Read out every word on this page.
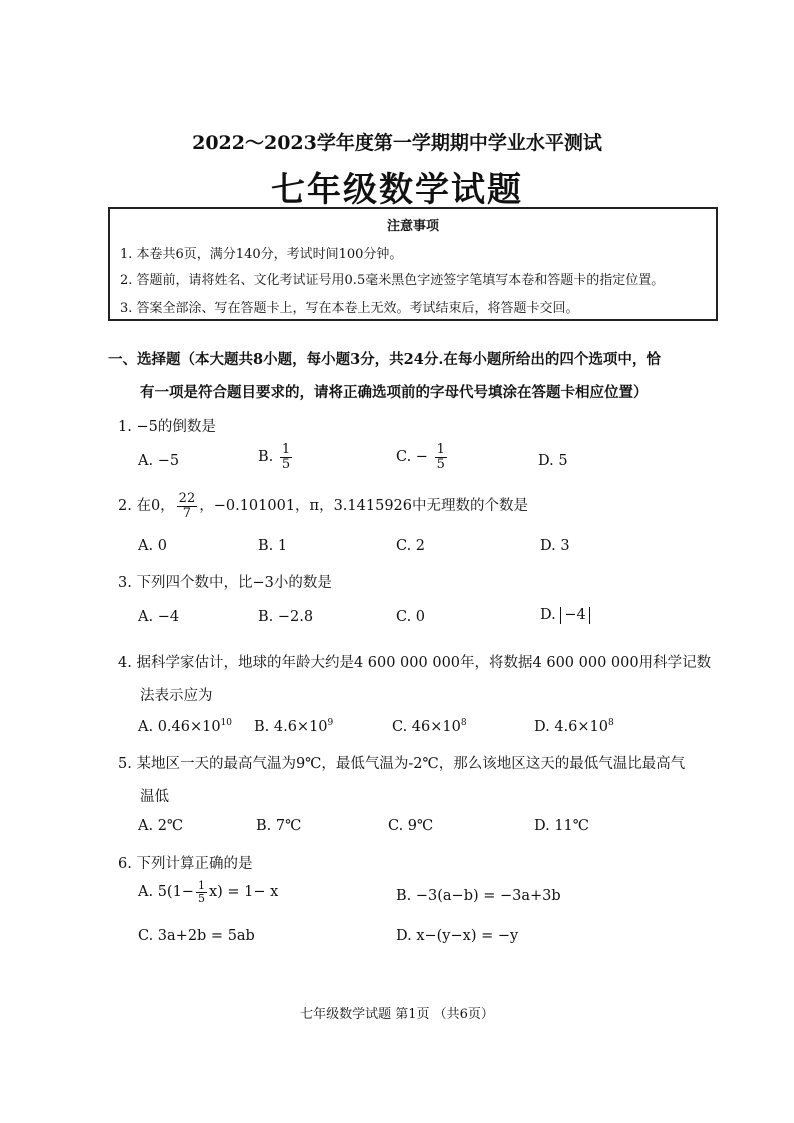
2022～2023学年度第一学期期中学业水平测试
七年级数学试题
注意事项
1. 本卷共6页，满分140分，考试时间100分钟。
2. 答题前，请将姓名、文化考试证号用0.5毫米黑色字迹签字笔填写本卷和答题卡的指定位置。
3. 答案全部涂、写在答题卡上，写在本卷上无效。考试结束后，将答题卡交回。
一、选择题（本大题共8小题，每小题3分，共24分.在每小题所给出的四个选项中，恰
有一项是符合题目要求的，请将正确选项前的字母代号填涂在答题卡相应位置）
1. −5的倒数是
A. −5	B. $\frac{1}{5}$	C. − $\frac{1}{5}$	D. 5
2. 在0， $\frac{22}{7}$ ，−0.101001，π，3.1415926中无理数的个数是
A. 0	B. 1	C. 2	D. 3
3. 下列四个数中，比−3小的数是
A. −4	B. −2.8	C. 0	D. −4
4. 据科学家估计，地球的年龄大约是4 600 000 000年，将数据4 600 000 000用科学记数
法表示应为
A. $0.46\times 10^{10}$ B. $4.6\times 10^9$	C. $46\times 10^8$	D. $4.6\times 10^8$
5. 某地区一天的最高气温为9℃，最低气温为-2℃，那么该地区这天的最低气温比最高气
温低
A. 2℃	B. 7℃	C. 9℃	D. 11℃
6. 下列计算正确的是
A. $5(1- \frac{1}{5} x) = 1- x$	B. −3(a−b) = −3a+3b
C. 3a+2b = 5ab	D. x−(y−x) = −y
七年级数学试题 第1页 （共6页）
